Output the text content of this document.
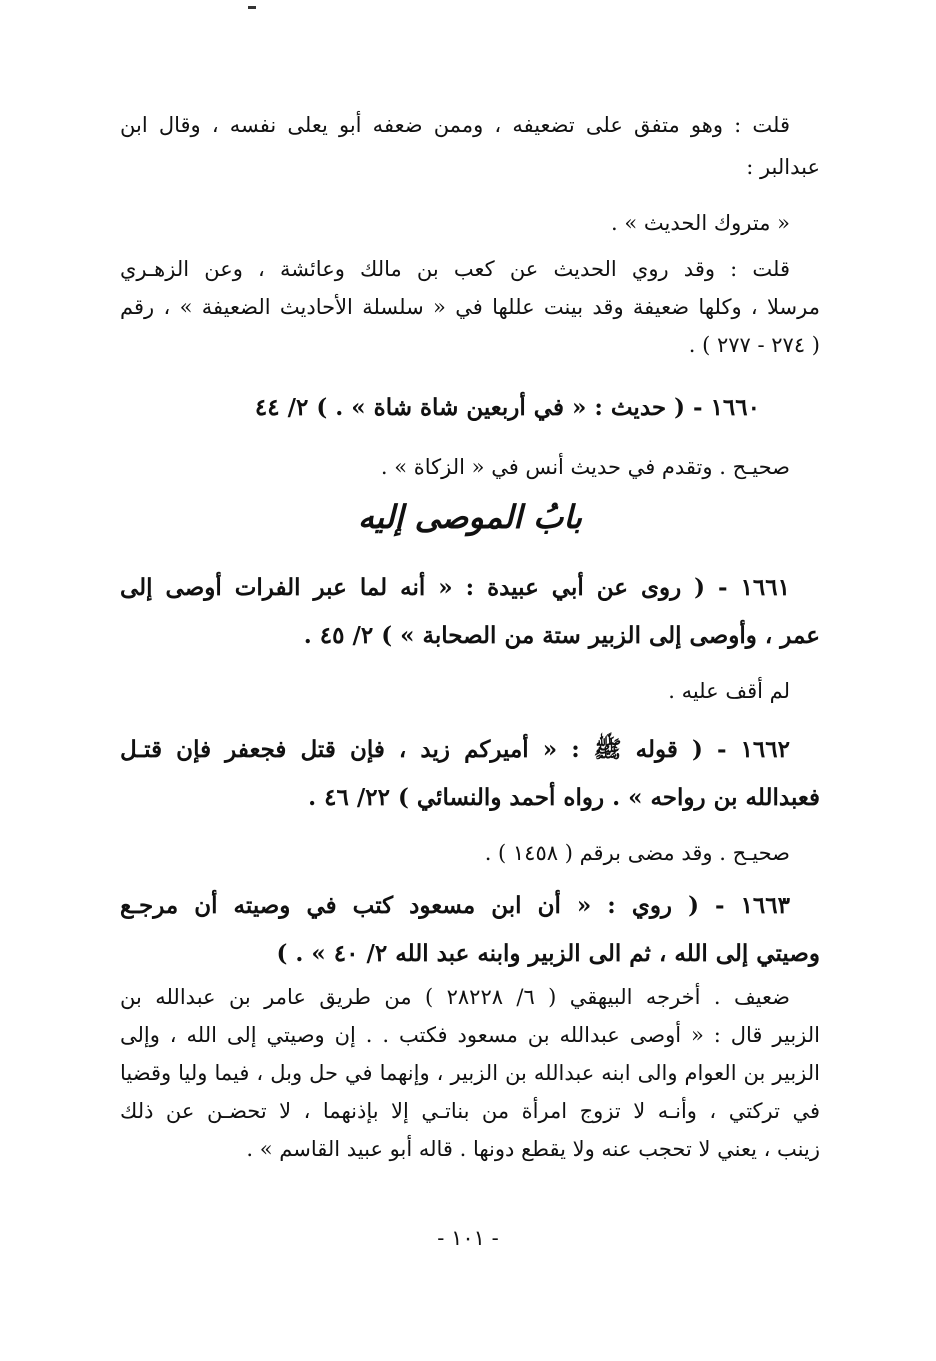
قلت : وهو متفق على تضعيفه ، وممن ضعفه أبو يعلى نفسه ، وقال ابن
عبدالبر :
« متروك الحديث » .
قلت : وقد روي الحديث عن كعب بن مالك وعائشة ، وعن الزهـري
مرسلا ، وكلها ضعيفة وقد بينت عللها في « سلسلة الأحاديث الضعيفة » ، رقم
( ٢٧٤ - ٢٧٧ ) .
١٦٦٠ - ( حديث : « في أربعين شاة شاة » . ) ٢/ ٤٤
صحيـح . وتقدم في حديث أنس في « الزكاة » .
بابُ الموصى إليه
١٦٦١ - ( روى عن أبي عبيدة : « أنه لما عبر الفرات أوصى إلى
عمر ، وأوصى إلى الزبير ستة من الصحابة » ) ٢/ ٤٥ .
لم أقف عليه .
١٦٦٢ - ( قوله ﷺ : « أميركم زيد ، فإن قتل فجعفر فإن قتـل
فعبدالله بن رواحه » . رواه أحمد والنسائي ) ٢٢/ ٤٦ .
صحيـح . وقد مضى برقم ( ١٤٥٨ ) .
١٦٦٣ - ( روي : « أن ابن مسعود كتب في وصيته أن مرجـع
وصيتي إلى الله ، ثم الى الزبير وابنه عبد الله ٢/ ٤٠ » . )
ضعيف . أخرجه البيهقي ( ٦/ ٢٨٢٢٨ ) من طريق عامر بن عبدالله بن
الزبير قال : « أوصى عبدالله بن مسعود فكتب . . إن وصيتي إلى الله ، وإلى
الزبير بن العوام والى ابنه عبدالله بن الزبير ، وإنهما في حل وبل ، فيما وليا وقضيا
في تركتي ، وأنـه لا تزوج امرأة من بناتـي إلا بإذنهما ، لا تحضـن عن ذلك
زينب ، يعني لا تحجب عنه ولا يقطع دونها . قاله أبو عبيد القاسم » .
- ١٠١ -
